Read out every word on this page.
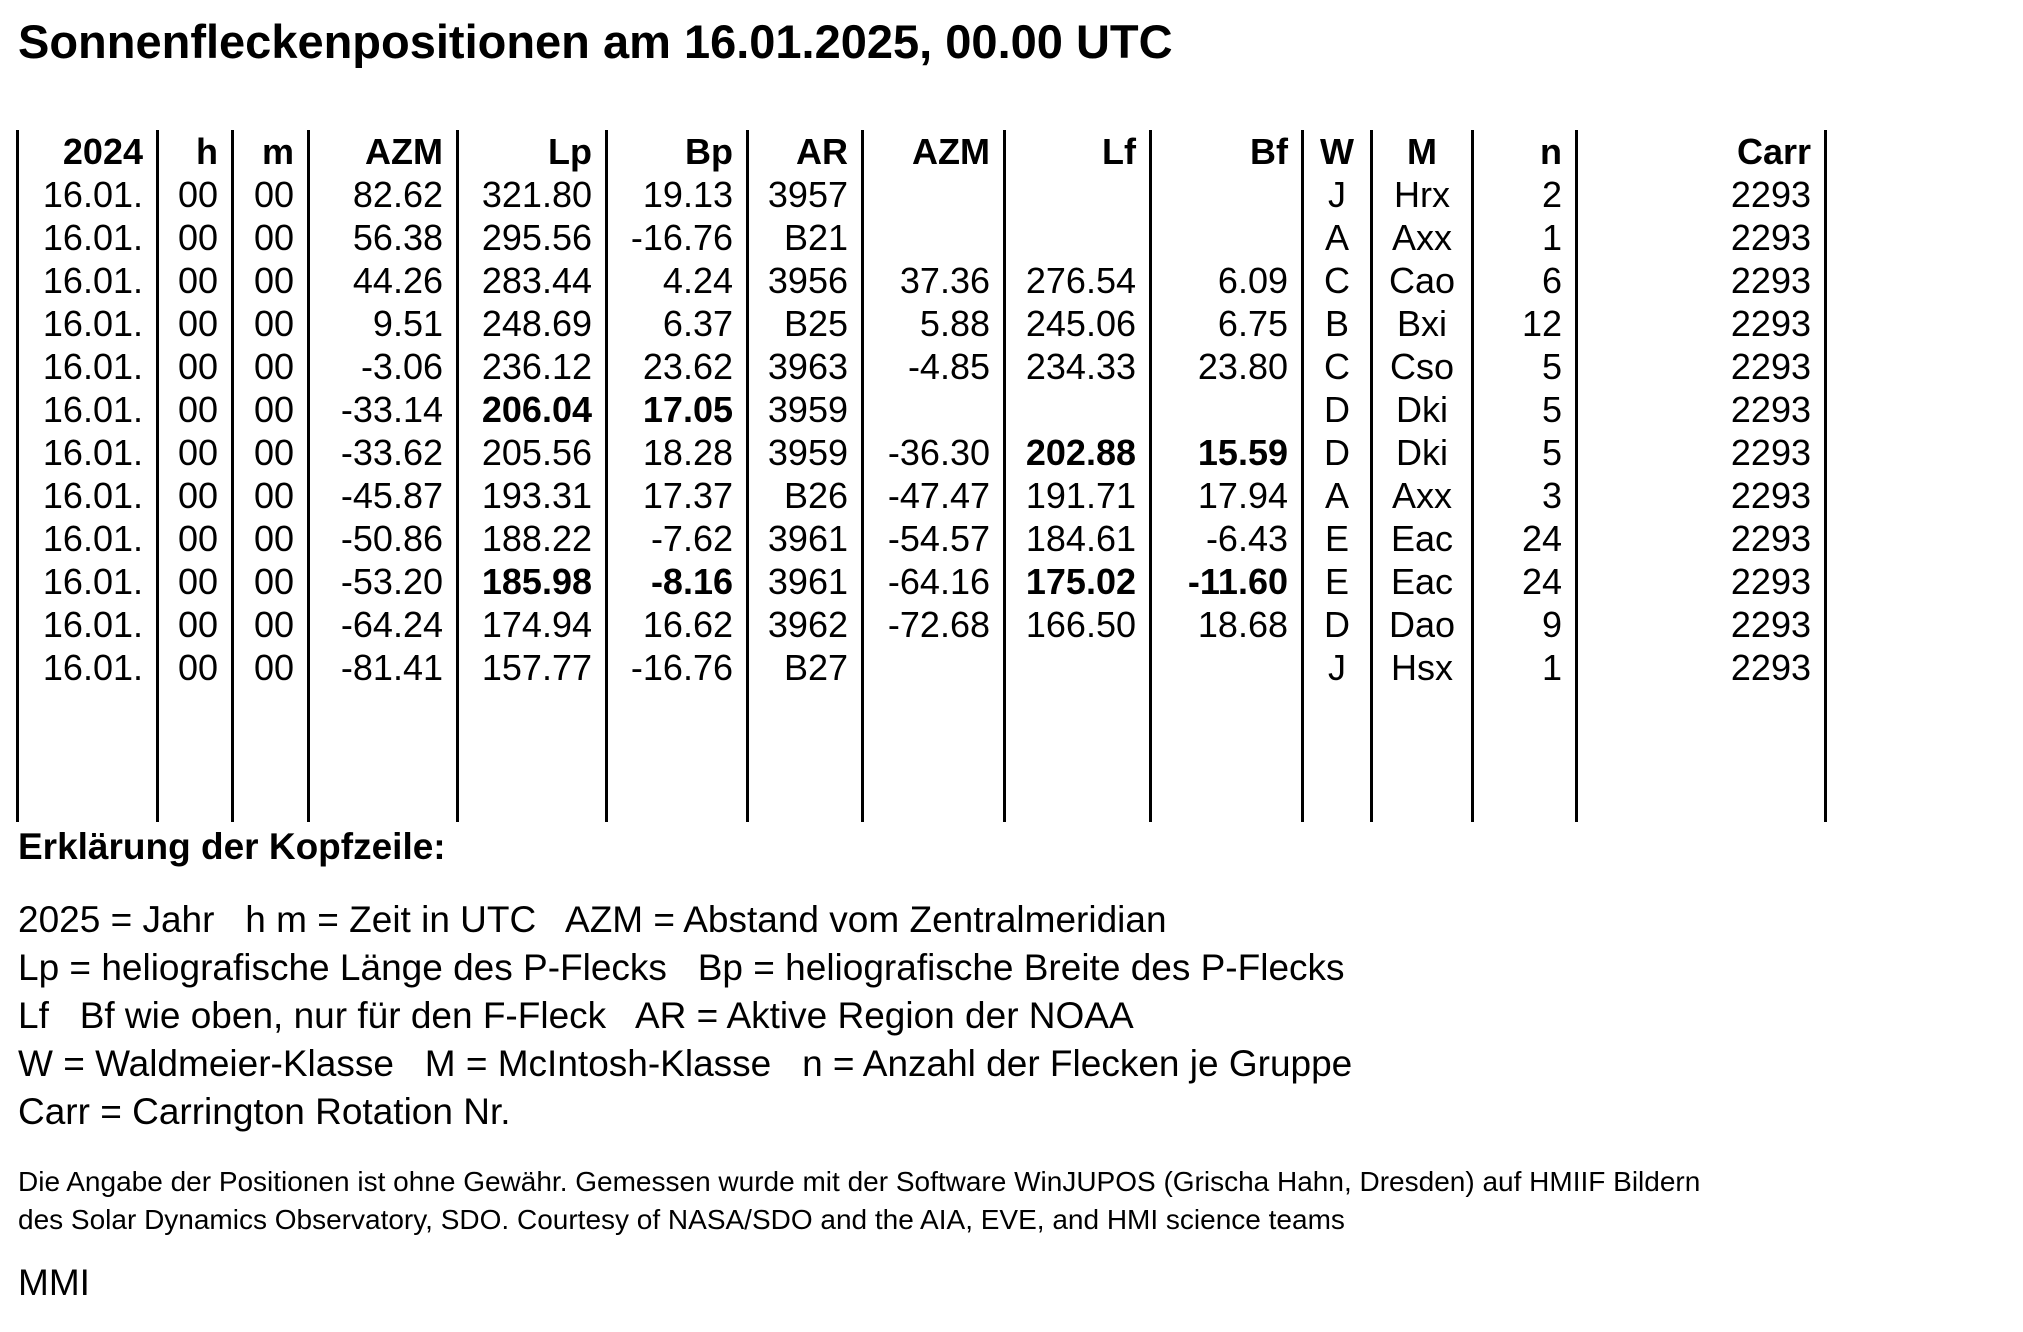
Sonnenfleckenpositionen am 16.01.2025, 00.00 UTC
2024	h	m	AZM	Lp	Bp	AR	AZM	Lf	Bf	W	M	n	Carr
16.01.	00	00	82.62	321.80	19.13	3957				J	Hrx	2	2293
16.01.	00	00	56.38	295.56	-16.76	B21				A	Axx	1	2293
16.01.	00	00	44.26	283.44	4.24	3956	37.36	276.54	6.09	C	Cao	6	2293
16.01.	00	00	9.51	248.69	6.37	B25	5.88	245.06	6.75	B	Bxi	12	2293
16.01.	00	00	-3.06	236.12	23.62	3963	-4.85	234.33	23.80	C	Cso	5	2293
16.01.	00	00	-33.14	206.04	17.05	3959				D	Dki	5	2293
16.01.	00	00	-33.62	205.56	18.28	3959	-36.30	202.88	15.59	D	Dki	5	2293
16.01.	00	00	-45.87	193.31	17.37	B26	-47.47	191.71	17.94	A	Axx	3	2293
16.01.	00	00	-50.86	188.22	-7.62	3961	-54.57	184.61	-6.43	E	Eac	24	2293
16.01.	00	00	-53.20	185.98	-8.16	3961	-64.16	175.02	-11.60	E	Eac	24	2293
16.01.	00	00	-64.24	174.94	16.62	3962	-72.68	166.50	18.68	D	Dao	9	2293
16.01.	00	00	-81.41	157.77	-16.76	B27				J	Hsx	1	2293

Erklärung der Kopfzeile:
2025 = Jahr   h m = Zeit in UTC   AZM = Abstand vom Zentralmeridian
Lp = heliografische Länge des P-Flecks   Bp = heliografische Breite des P-Flecks
Lf   Bf wie oben, nur für den F-Fleck   AR = Aktive Region der NOAA
W = Waldmeier-Klasse   M = McIntosh-Klasse   n = Anzahl der Flecken je Gruppe
Carr = Carrington Rotation Nr.
Die Angabe der Positionen ist ohne Gewähr. Gemessen wurde mit der Software WinJUPOS (Grischa Hahn, Dresden) auf HMIIF Bildern
des Solar Dynamics Observatory, SDO. Courtesy of NASA/SDO and the AIA, EVE, and HMI science teams
MMI
